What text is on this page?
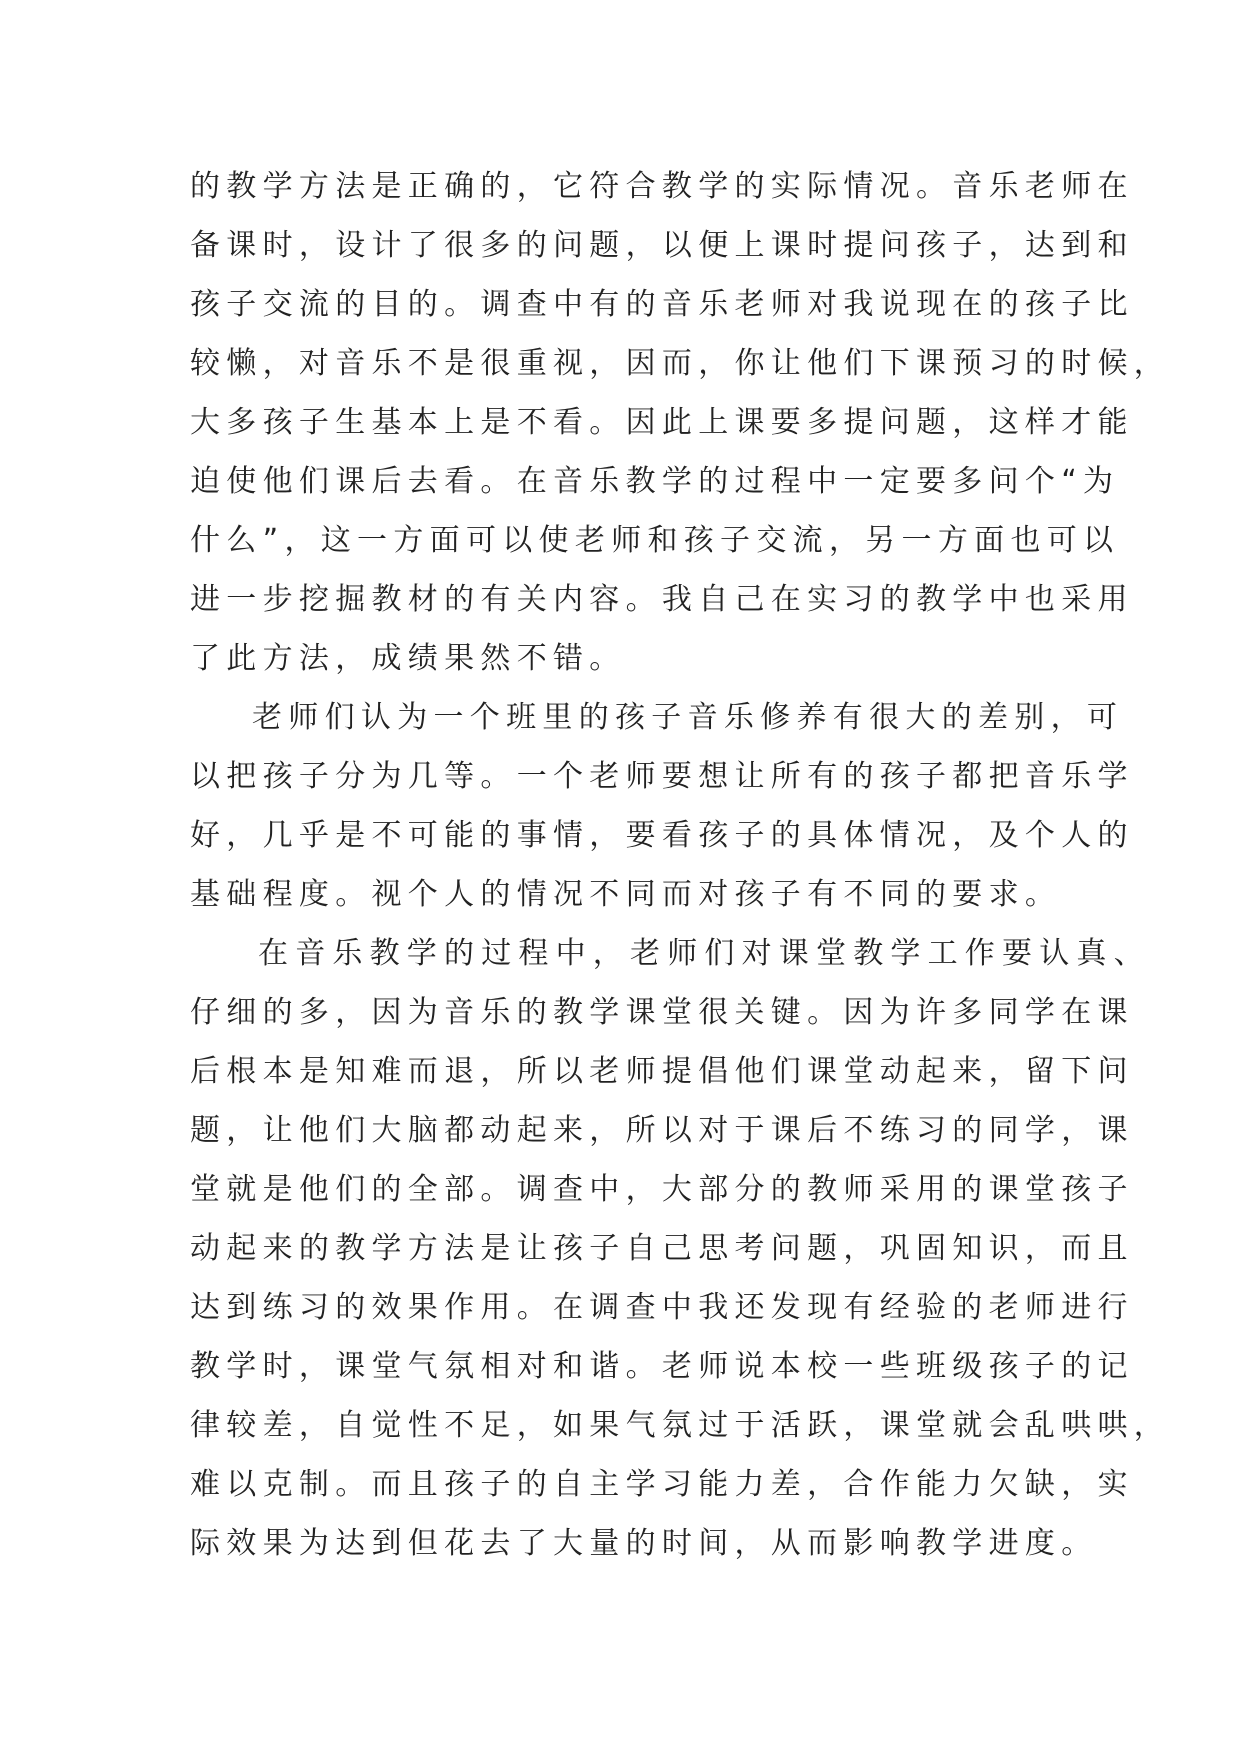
的教学方法是正确的，它符合教学的实际情况。音乐老师在
备课时，设计了很多的问题，以便上课时提问孩子，达到和
孩子交流的目的。调查中有的音乐老师对我说现在的孩子比
较懒，对音乐不是很重视，因而，你让他们下课预习的时候，
大多孩子生基本上是不看。因此上课要多提问题，这样才能
迫使他们课后去看。在音乐教学的过程中一定要多问个“为
什么”，这一方面可以使老师和孩子交流，另一方面也可以
进一步挖掘教材的有关内容。我自己在实习的教学中也采用
了此方法，成绩果然不错。
老师们认为一个班里的孩子音乐修养有很大的差别，可
以把孩子分为几等。一个老师要想让所有的孩子都把音乐学
好，几乎是不可能的事情，要看孩子的具体情况，及个人的
基础程度。视个人的情况不同而对孩子有不同的要求。
在音乐教学的过程中，老师们对课堂教学工作要认真、
仔细的多，因为音乐的教学课堂很关键。因为许多同学在课
后根本是知难而退，所以老师提倡他们课堂动起来，留下问
题，让他们大脑都动起来，所以对于课后不练习的同学，课
堂就是他们的全部。调查中，大部分的教师采用的课堂孩子
动起来的教学方法是让孩子自己思考问题，巩固知识，而且
达到练习的效果作用。在调查中我还发现有经验的老师进行
教学时，课堂气氛相对和谐。老师说本校一些班级孩子的记
律较差，自觉性不足，如果气氛过于活跃，课堂就会乱哄哄，
难以克制。而且孩子的自主学习能力差，合作能力欠缺，实
际效果为达到但花去了大量的时间，从而影响教学进度。
